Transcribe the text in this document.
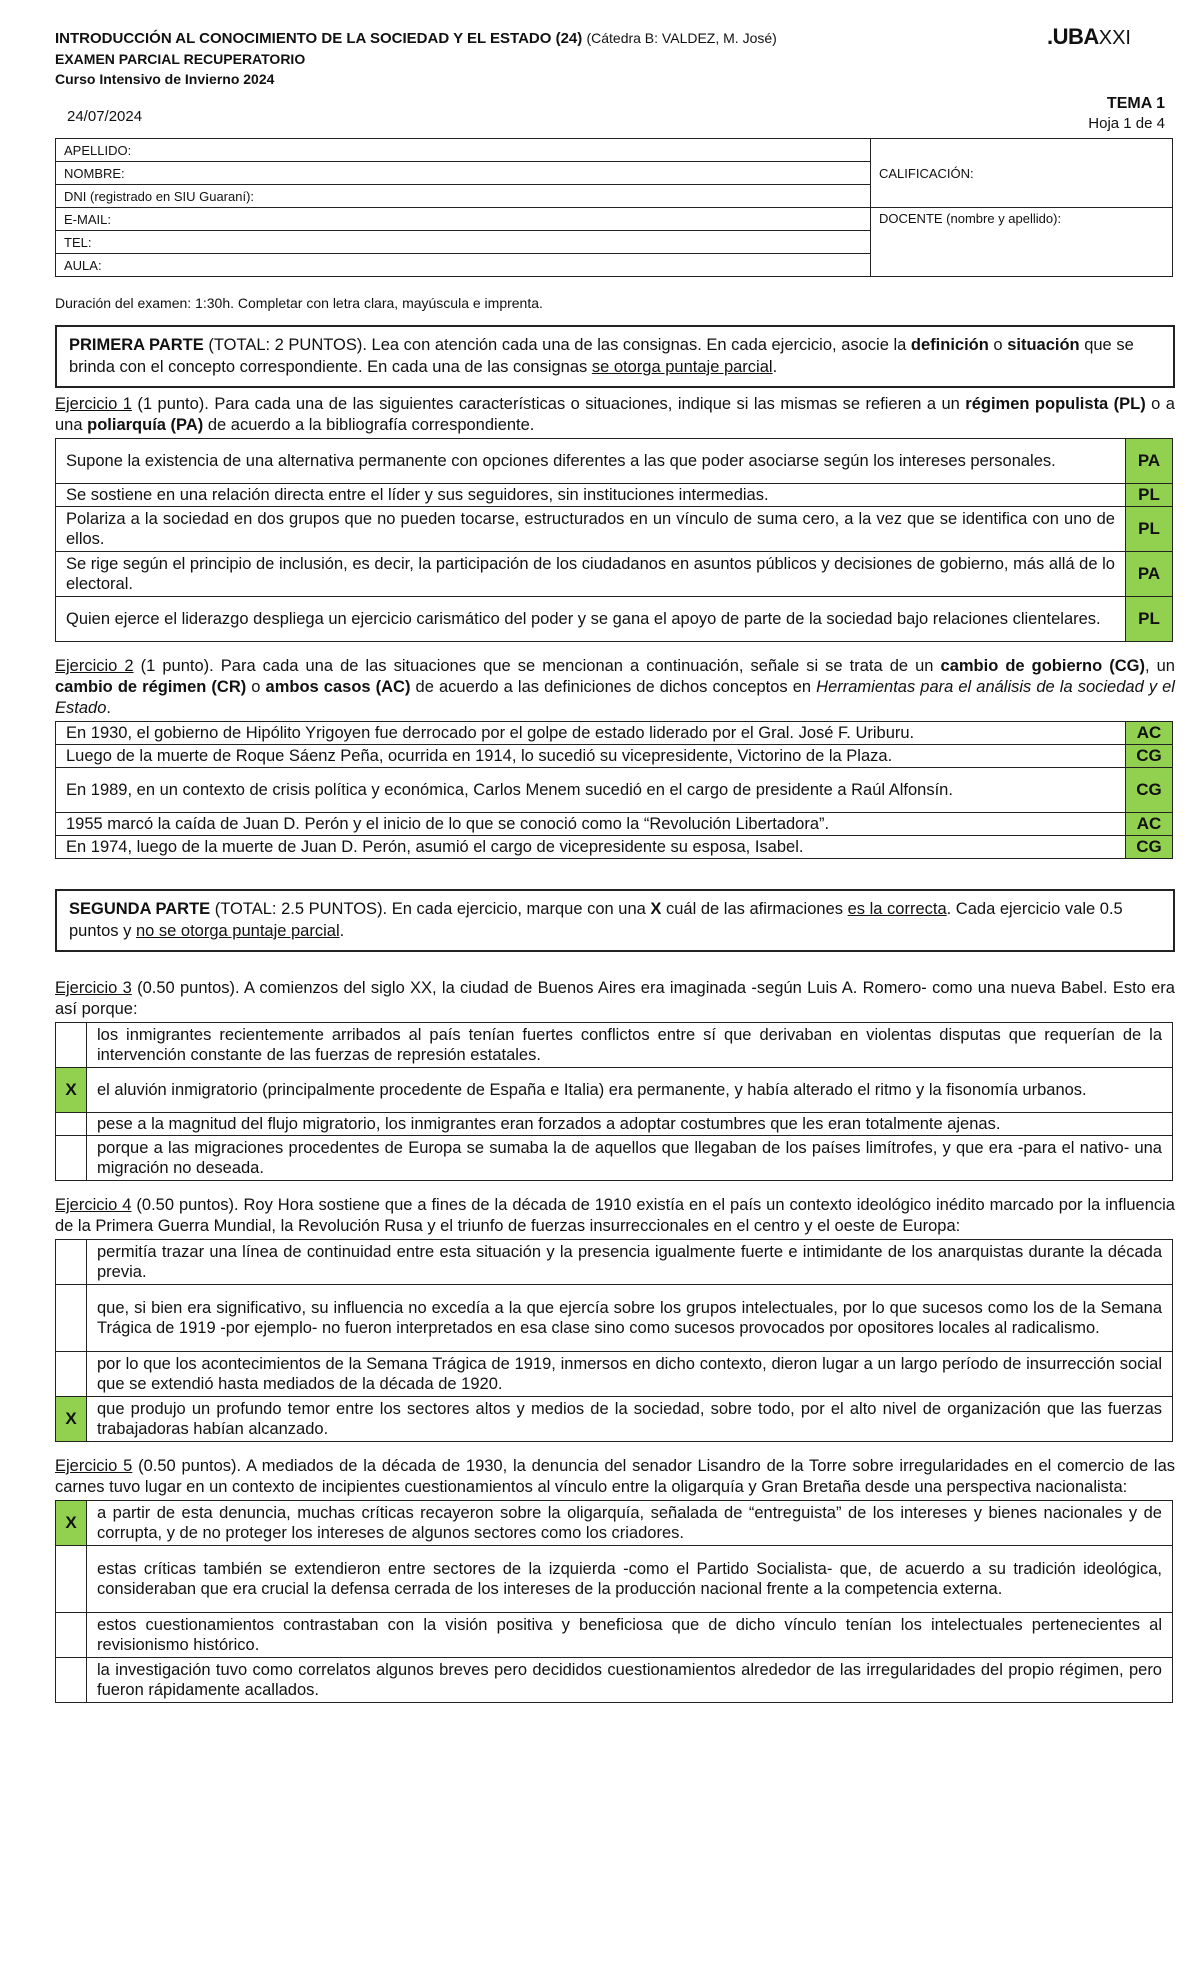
INTRODUCCIÓN AL CONOCIMIENTO DE LA SOCIEDAD Y EL ESTADO (24) (Cátedra B: VALDEZ, M. José)
EXAMEN PARCIAL RECUPERATORIO
Curso Intensivo de Invierno 2024
24/07/2024
.UBAXXI
TEMA 1
Hoja 1 de 4
APELLIDO:	CALIFICACIÓN:
NOMBRE:	
DNI (registrado en SIU Guaraní):	
E-MAIL:	DOCENTE (nombre y apellido):
TEL:	
AULA:	
Duración del examen: 1:30h. Completar con letra clara, mayúscula e imprenta.
PRIMERA PARTE (TOTAL: 2 PUNTOS). Lea con atención cada una de las consignas. En cada ejercicio, asocie la definición o situación que se brinda con el concepto correspondiente. En cada una de las consignas se otorga puntaje parcial.
Ejercicio 1 (1 punto). Para cada una de las siguientes características o situaciones, indique si las mismas se refieren a un régimen populista (PL) o a una poliarquía (PA) de acuerdo a la bibliografía correspondiente.
Supone la existencia de una alternativa permanente con opciones diferentes a las que poder asociarse según los intereses personales.	PA
Se sostiene en una relación directa entre el líder y sus seguidores, sin instituciones intermedias.	PL
Polariza a la sociedad en dos grupos que no pueden tocarse, estructurados en un vínculo de suma cero, a la vez que se identifica con uno de ellos.	PL
Se rige según el principio de inclusión, es decir, la participación de los ciudadanos en asuntos públicos y decisiones de gobierno, más allá de lo electoral.	PA
Quien ejerce el liderazgo despliega un ejercicio carismático del poder y se gana el apoyo de parte de la sociedad bajo relaciones clientelares.	PL
Ejercicio 2 (1 punto). Para cada una de las situaciones que se mencionan a continuación, señale si se trata de un cambio de gobierno (CG), un cambio de régimen (CR) o ambos casos (AC) de acuerdo a las definiciones de dichos conceptos en Herramientas para el análisis de la sociedad y el Estado.
En 1930, el gobierno de Hipólito Yrigoyen fue derrocado por el golpe de estado liderado por el Gral. José F. Uriburu.	AC
Luego de la muerte de Roque Sáenz Peña, ocurrida en 1914, lo sucedió su vicepresidente, Victorino de la Plaza.	CG
En 1989, en un contexto de crisis política y económica, Carlos Menem sucedió en el cargo de presidente a Raúl Alfonsín.	CG
1955 marcó la caída de Juan D. Perón y el inicio de lo que se conoció como la “Revolución Libertadora”.	AC
En 1974, luego de la muerte de Juan D. Perón, asumió el cargo de vicepresidente su esposa, Isabel.	CG
SEGUNDA PARTE (TOTAL: 2.5 PUNTOS). En cada ejercicio, marque con una X cuál de las afirmaciones es la correcta. Cada ejercicio vale 0.5 puntos y no se otorga puntaje parcial.
Ejercicio 3 (0.50 puntos). A comienzos del siglo XX, la ciudad de Buenos Aires era imaginada -según Luis A. Romero- como una nueva Babel. Esto era así porque:
	los inmigrantes recientemente arribados al país tenían fuertes conflictos entre sí que derivaban en violentas disputas que requerían de la intervención constante de las fuerzas de represión estatales.
X	el aluvión inmigratorio (principalmente procedente de España e Italia) era permanente, y había alterado el ritmo y la fisonomía urbanos.
	pese a la magnitud del flujo migratorio, los inmigrantes eran forzados a adoptar costumbres que les eran totalmente ajenas.
	porque a las migraciones procedentes de Europa se sumaba la de aquellos que llegaban de los países limítrofes, y que era -para el nativo- una migración no deseada.
Ejercicio 4 (0.50 puntos). Roy Hora sostiene que a fines de la década de 1910 existía en el país un contexto ideológico inédito marcado por la influencia de la Primera Guerra Mundial, la Revolución Rusa y el triunfo de fuerzas insurreccionales en el centro y el oeste de Europa:
	permitía trazar una línea de continuidad entre esta situación y la presencia igualmente fuerte e intimidante de los anarquistas durante la década previa.
	que, si bien era significativo, su influencia no excedía a la que ejercía sobre los grupos intelectuales, por lo que sucesos como los de la Semana Trágica de 1919 -por ejemplo- no fueron interpretados en esa clase sino como sucesos provocados por opositores locales al radicalismo.
	por lo que los acontecimientos de la Semana Trágica de 1919, inmersos en dicho contexto, dieron lugar a un largo período de insurrección social que se extendió hasta mediados de la década de 1920.
X	que produjo un profundo temor entre los sectores altos y medios de la sociedad, sobre todo, por el alto nivel de organización que las fuerzas trabajadoras habían alcanzado.
Ejercicio 5 (0.50 puntos). A mediados de la década de 1930, la denuncia del senador Lisandro de la Torre sobre irregularidades en el comercio de las carnes tuvo lugar en un contexto de incipientes cuestionamientos al vínculo entre la oligarquía y Gran Bretaña desde una perspectiva nacionalista:
X	a partir de esta denuncia, muchas críticas recayeron sobre la oligarquía, señalada de “entreguista” de los intereses y bienes nacionales y de corrupta, y de no proteger los intereses de algunos sectores como los criadores.
	estas críticas también se extendieron entre sectores de la izquierda -como el Partido Socialista- que, de acuerdo a su tradición ideológica, consideraban que era crucial la defensa cerrada de los intereses de la producción nacional frente a la competencia externa.
	estos cuestionamientos contrastaban con la visión positiva y beneficiosa que de dicho vínculo tenían los intelectuales pertenecientes al revisionismo histórico.
	la investigación tuvo como correlatos algunos breves pero decididos cuestionamientos alrededor de las irregularidades del propio régimen, pero fueron rápidamente acallados.
